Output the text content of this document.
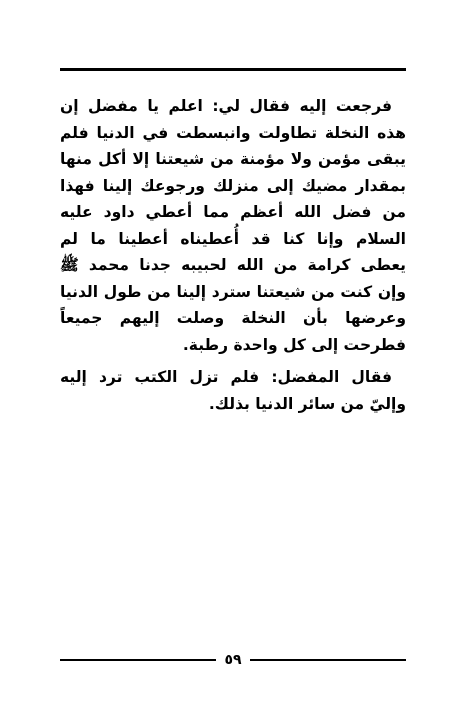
فرجعت إليه فقال لي: اعلم يا مفضل إن هذه النخلة تطاولت وانبسطت في الدنيا فلم يبقى مؤمن ولا مؤمنة من شيعتنا إلا أكل منها بمقدار مضيك إلى منزلك ورجوعك إلينا فهذا من فضل الله أعظم مما أعطي داود عليه السلام وإنا كنا قد أُعطيناه أعطينا ما لم يعطى كرامة من الله لحبيبه جدنا محمد ﷺ وإن كنت من شيعتنا سترد إلينا من طول الدنيا وعرضها بأن النخلة وصلت إليهم جميعاً فطرحت إلى كل واحدة رطبة.

فقال المفضل: فلم تزل الكتب ترد إليه وإليّ من سائر الدنيا بذلك.

٥٩
